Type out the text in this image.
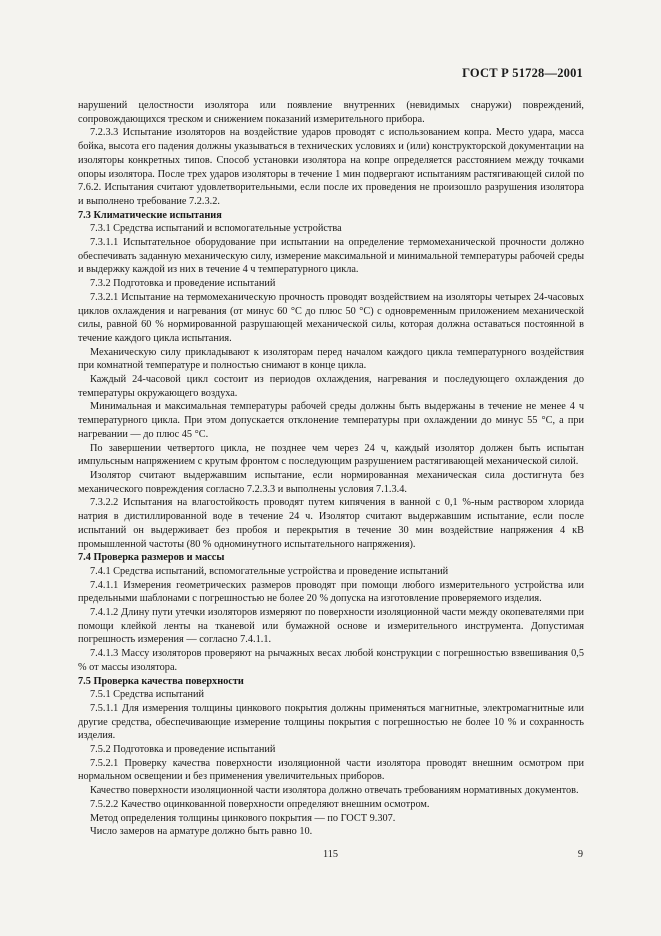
ГОСТ Р 51728—2001

нарушений целостности изолятора или появление внутренних (невидимых снаружи) повреждений, сопровождающихся треском и снижением показаний измерительного прибора.

7.2.3.3 Испытание изоляторов на воздействие ударов проводят с использованием копра. Место удара, масса бойка, высота его падения должны указываться в технических условиях и (или) конструкторской документации на изоляторы конкретных типов. Способ установки изолятора на копре определяется расстоянием между точками опоры изолятора. После трех ударов изоляторы в течение 1 мин подвергают испытаниям растягивающей силой по 7.6.2. Испытания считают удовлетворительными, если после их проведения не произошло разрушения изолятора и выполнено требование 7.2.3.2.

7.3 Климатические испытания

7.3.1 Средства испытаний и вспомогательные устройства

7.3.1.1 Испытательное оборудование при испытании на определение термомеханической прочности должно обеспечивать заданную механическую силу, измерение максимальной и минимальной температуры рабочей среды и выдержку каждой из них в течение 4 ч температурного цикла.

7.3.2 Подготовка и проведение испытаний

7.3.2.1 Испытание на термомеханическую прочность проводят воздействием на изоляторы четырех 24-часовых циклов охлаждения и нагревания (от минус 60 °С до плюс 50 °С) с одновременным приложением механической силы, равной 60 % нормированной разрушающей механической силы, которая должна оставаться постоянной в течение каждого цикла испытания.

Механическую силу прикладывают к изоляторам перед началом каждого цикла температурного воздействия при комнатной температуре и полностью снимают в конце цикла.

Каждый 24-часовой цикл состоит из периодов охлаждения, нагревания и последующего охлаждения до температуры окружающего воздуха.

Минимальная и максимальная температуры рабочей среды должны быть выдержаны в течение не менее 4 ч температурного цикла. При этом допускается отклонение температуры при охлаждении до минус 55 °С, а при нагревании — до плюс 45 °С.

По завершении четвертого цикла, не позднее чем через 24 ч, каждый изолятор должен быть испытан импульсным напряжением с крутым фронтом с последующим разрушением растягивающей механической силой.

Изолятор считают выдержавшим испытание, если нормированная механическая сила достигнута без механического повреждения согласно 7.2.3.3 и выполнены условия 7.1.3.4.

7.3.2.2 Испытания на влагостойкость проводят путем кипячения в ванной с 0,1 %-ным раствором хлорида натрия в дистиллированной воде в течение 24 ч. Изолятор считают выдержавшим испытание, если после испытаний он выдерживает без пробоя и перекрытия в течение 30 мин воздействие напряжения 4 кВ промышленной частоты (80 % одноминутного испытательного напряжения).

7.4 Проверка размеров и массы

7.4.1 Средства испытаний, вспомогательные устройства и проведение испытаний

7.4.1.1 Измерения геометрических размеров проводят при помощи любого измерительного устройства или предельными шаблонами с погрешностью не более 20 % допуска на изготовление проверяемого изделия.

7.4.1.2 Длину пути утечки изоляторов измеряют по поверхности изоляционной части между окопевателями при помощи клейкой ленты на тканевой или бумажной основе и измерительного инструмента. Допустимая погрешность измерения — согласно 7.4.1.1.

7.4.1.3 Массу изоляторов проверяют на рычажных весах любой конструкции с погрешностью взвешивания 0,5 % от массы изолятора.

7.5 Проверка качества поверхности

7.5.1 Средства испытаний

7.5.1.1 Для измерения толщины цинкового покрытия должны применяться магнитные, электромагнитные или другие средства, обеспечивающие измерение толщины покрытия с погрешностью не более 10 % и сохранность изделия.

7.5.2 Подготовка и проведение испытаний

7.5.2.1 Проверку качества поверхности изоляционной части изолятора проводят внешним осмотром при нормальном освещении и без применения увеличительных приборов.

Качество поверхности изоляционной части изолятора должно отвечать требованиям нормативных документов.

7.5.2.2 Качество оцинкованной поверхности определяют внешним осмотром.

Метод определения толщины цинкового покрытия — по ГОСТ 9.307.

Число замеров на арматуре должно быть равно 10.

115	9
